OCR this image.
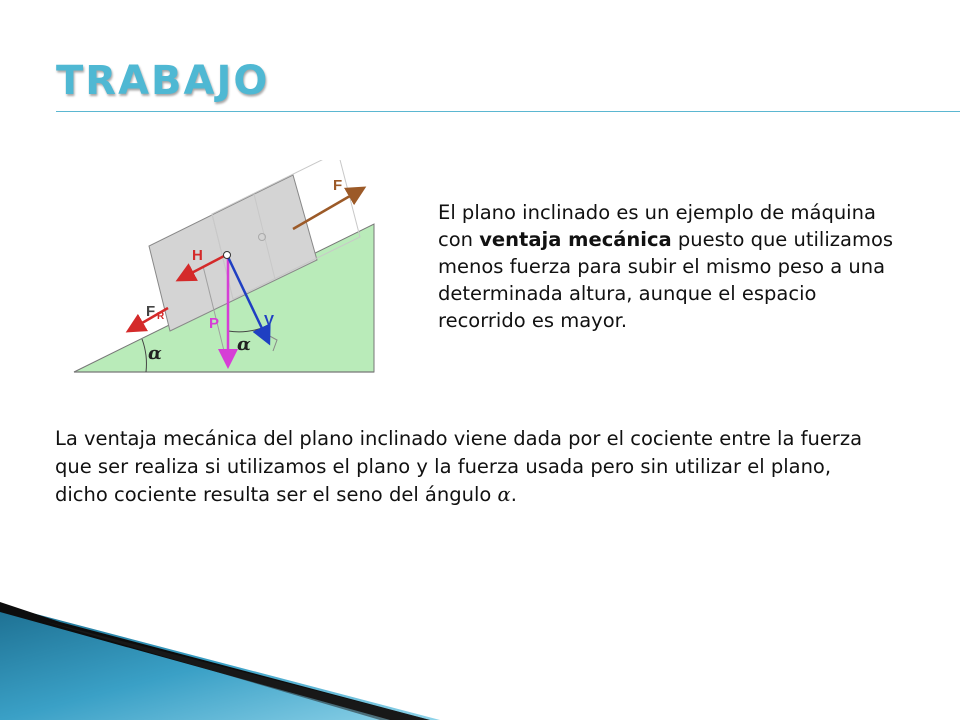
TRABAJO
F
H
F R	P	V
α	α
El plano inclinado es un ejemplo de máquina con ventaja mecánica puesto que utilizamos menos fuerza para subir el mismo peso a una determinada altura, aunque el espacio recorrido es mayor.
La ventaja mecánica del plano inclinado viene dada por el cociente entre la fuerza que ser realiza si utilizamos el plano y la fuerza usada pero sin utilizar el plano, dicho cociente resulta ser el seno del ángulo α.
